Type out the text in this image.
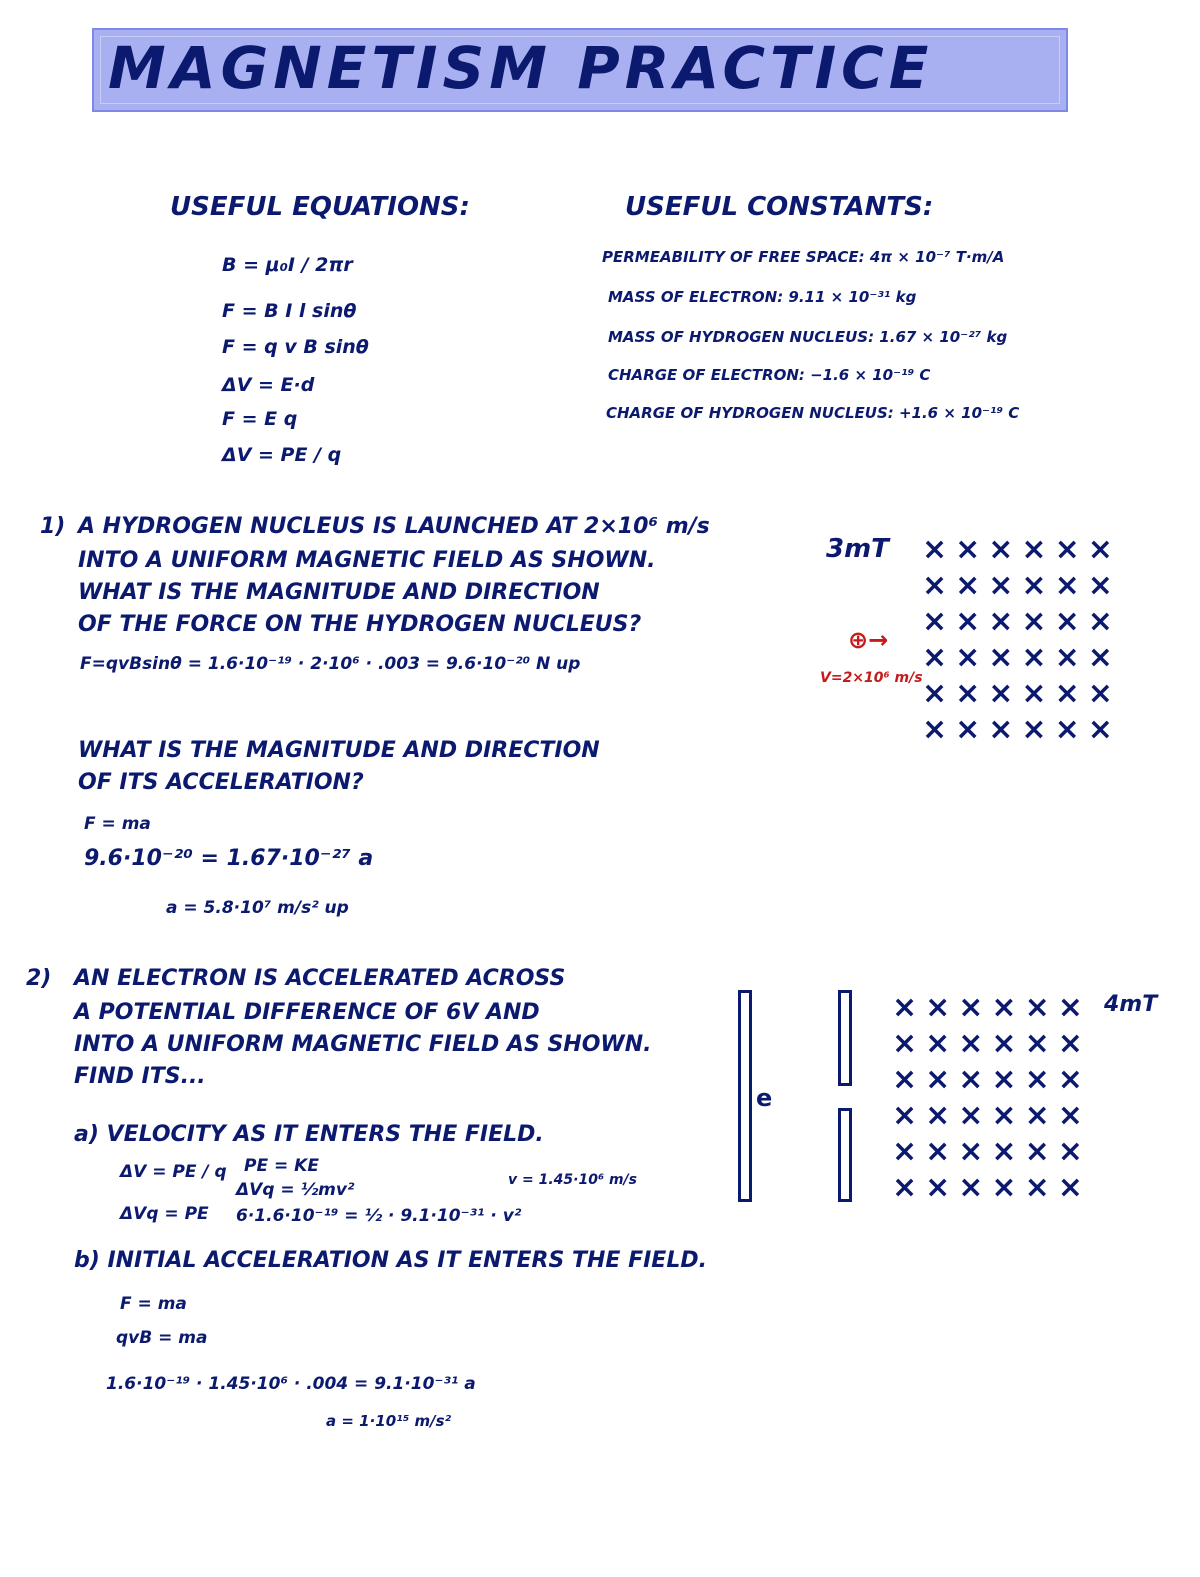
MAGNETISM PRACTICE
USEFUL EQUATIONS:
B = μ₀I / 2πr
F = B I l sinθ
F = q v B sinθ
ΔV = E·d
F = E q
ΔV = PE / q
USEFUL CONSTANTS:
PERMEABILITY OF FREE SPACE: 4π × 10⁻⁷ T·m/A
MASS OF ELECTRON: 9.11 × 10⁻³¹ kg
MASS OF HYDROGEN NUCLEUS: 1.67 × 10⁻²⁷ kg
CHARGE OF ELECTRON: −1.6 × 10⁻¹⁹ C
CHARGE OF HYDROGEN NUCLEUS: +1.6 × 10⁻¹⁹ C
1) A HYDROGEN NUCLEUS IS LAUNCHED AT 2×10⁶ m/s
INTO A UNIFORM MAGNETIC FIELD AS SHOWN.
WHAT IS THE MAGNITUDE AND DIRECTION
OF THE FORCE ON THE HYDROGEN NUCLEUS?
F=qvBsinθ = 1.6·10⁻¹⁹ · 2·10⁶ · .003 = 9.6·10⁻²⁰ N up
WHAT IS THE MAGNITUDE AND DIRECTION
OF ITS ACCELERATION?
F = ma
9.6·10⁻²⁰ = 1.67·10⁻²⁷ a
a = 5.8·10⁷ m/s² up
3mT
⊕→
V=2×10⁶ m/s
××××××
××××××
××××××
××××××
××××××
××××××
2) AN ELECTRON IS ACCELERATED ACROSS
A POTENTIAL DIFFERENCE OF 6V AND
INTO A UNIFORM MAGNETIC FIELD AS SHOWN.
FIND ITS...
a) VELOCITY AS IT ENTERS THE FIELD.
ΔV = PE / q
ΔVq = PE
PE = KE
ΔVq = ½mv²
6·1.6·10⁻¹⁹ = ½ · 9.1·10⁻³¹ · v²
v = 1.45·10⁶ m/s
b) INITIAL ACCELERATION AS IT ENTERS THE FIELD.
F = ma
qvB = ma
1.6·10⁻¹⁹ · 1.45·10⁶ · .004 = 9.1·10⁻³¹ a
a = 1·10¹⁵ m/s²
e
××××××
××××××
××××××
××××××
××××××
××××××
4mT
